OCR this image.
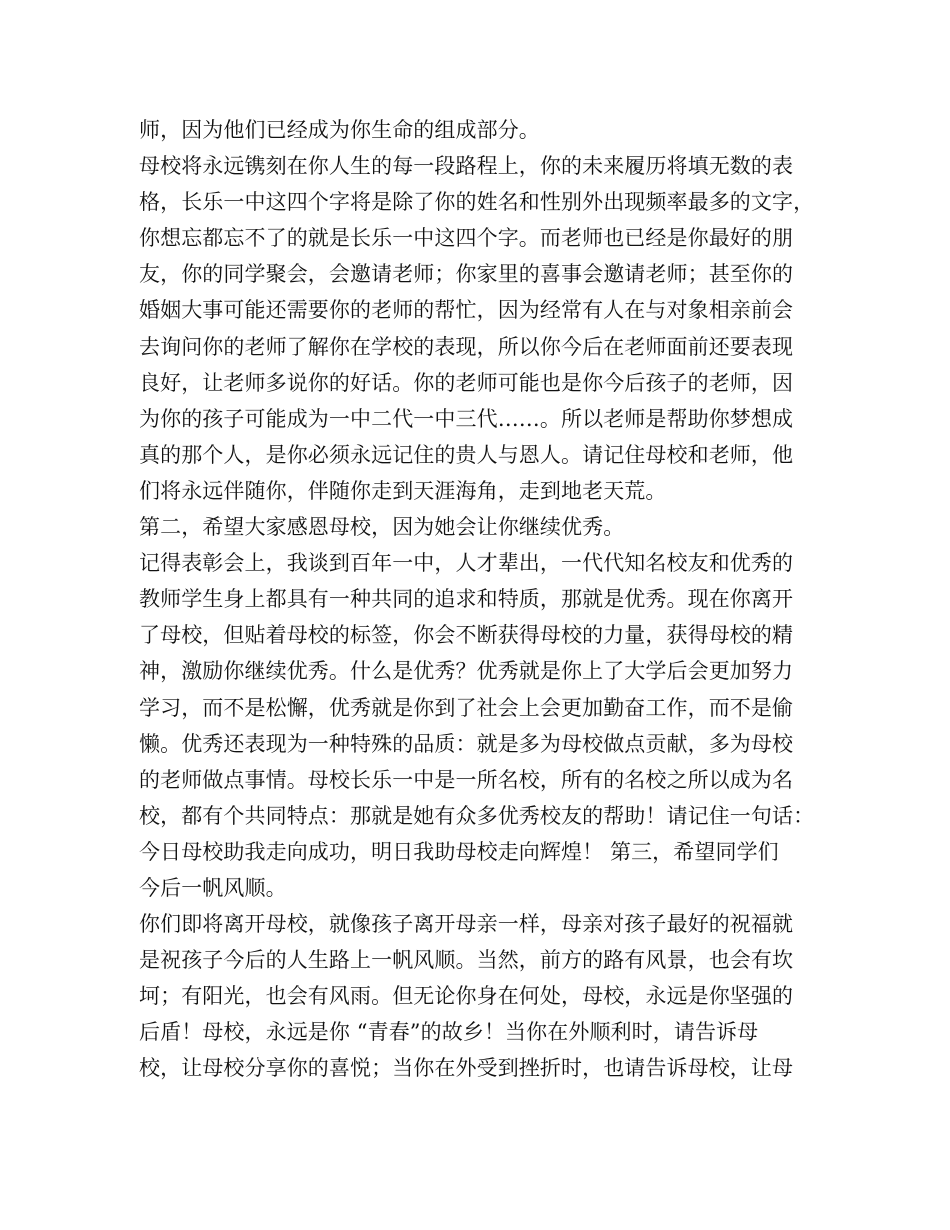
师，因为他们已经成为你生命的组成部分。
母校将永远镌刻在你人生的每一段路程上，你的未来履历将填无数的表
格，长乐一中这四个字将是除了你的姓名和性别外出现频率最多的文字，
你想忘都忘不了的就是长乐一中这四个字。而老师也已经是你最好的朋
友，你的同学聚会，会邀请老师；你家里的喜事会邀请老师；甚至你的
婚姻大事可能还需要你的老师的帮忙，因为经常有人在与对象相亲前会
去询问你的老师了解你在学校的表现，所以你今后在老师面前还要表现
良好，让老师多说你的好话。你的老师可能也是你今后孩子的老师，因
为你的孩子可能成为一中二代一中三代……。所以老师是帮助你梦想成
真的那个人，是你必须永远记住的贵人与恩人。请记住母校和老师，他
们将永远伴随你，伴随你走到天涯海角，走到地老天荒。
第二，希望大家感恩母校，因为她会让你继续优秀。
记得表彰会上，我谈到百年一中，人才辈出，一代代知名校友和优秀的
教师学生身上都具有一种共同的追求和特质，那就是优秀。现在你离开
了母校，但贴着母校的标签，你会不断获得母校的力量，获得母校的精
神，激励你继续优秀。什么是优秀？优秀就是你上了大学后会更加努力
学习，而不是松懈，优秀就是你到了社会上会更加勤奋工作，而不是偷
懒。优秀还表现为一种特殊的品质：就是多为母校做点贡献，多为母校
的老师做点事情。母校长乐一中是一所名校，所有的名校之所以成为名
校，都有个共同特点：那就是她有众多优秀校友的帮助！请记住一句话：
今日母校助我走向成功，明日我助母校走向辉煌！ 第三，希望同学们
今后一帆风顺。
你们即将离开母校，就像孩子离开母亲一样，母亲对孩子最好的祝福就
是祝孩子今后的人生路上一帆风顺。当然，前方的路有风景，也会有坎
坷；有阳光，也会有风雨。但无论你身在何处，母校，永远是你坚强的
后盾！母校，永远是你 “青春”的故乡！当你在外顺利时，请告诉母
校，让母校分享你的喜悦；当你在外受到挫折时，也请告诉母校，让母
